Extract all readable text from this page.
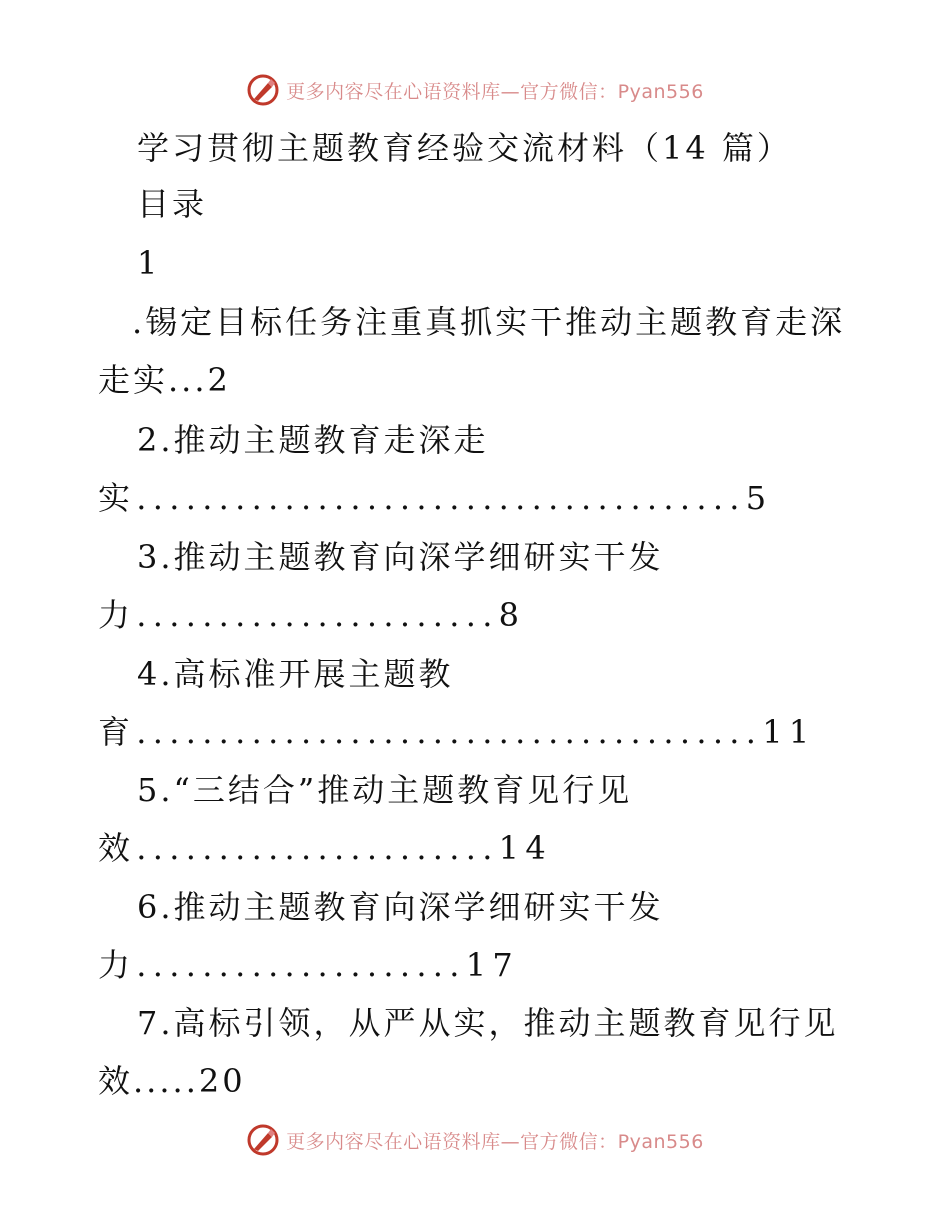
更多内容尽在心语资料库—官方微信：Pyan556
学习贯彻主题教育经验交流材料（14 篇）
目录
1
.锡定目标任务注重真抓实干推动主题教育走深
走实...2
2.推动主题教育走深走
实.....................................5
3.推动主题教育向深学细研实干发
力......................8
4.高标准开展主题教
育......................................11
5.“三结合”推动主题教育见行见
效......................14
6.推动主题教育向深学细研实干发
力....................17
7.高标引领，从严从实，推动主题教育见行见
效.....20
更多内容尽在心语资料库—官方微信：Pyan556
